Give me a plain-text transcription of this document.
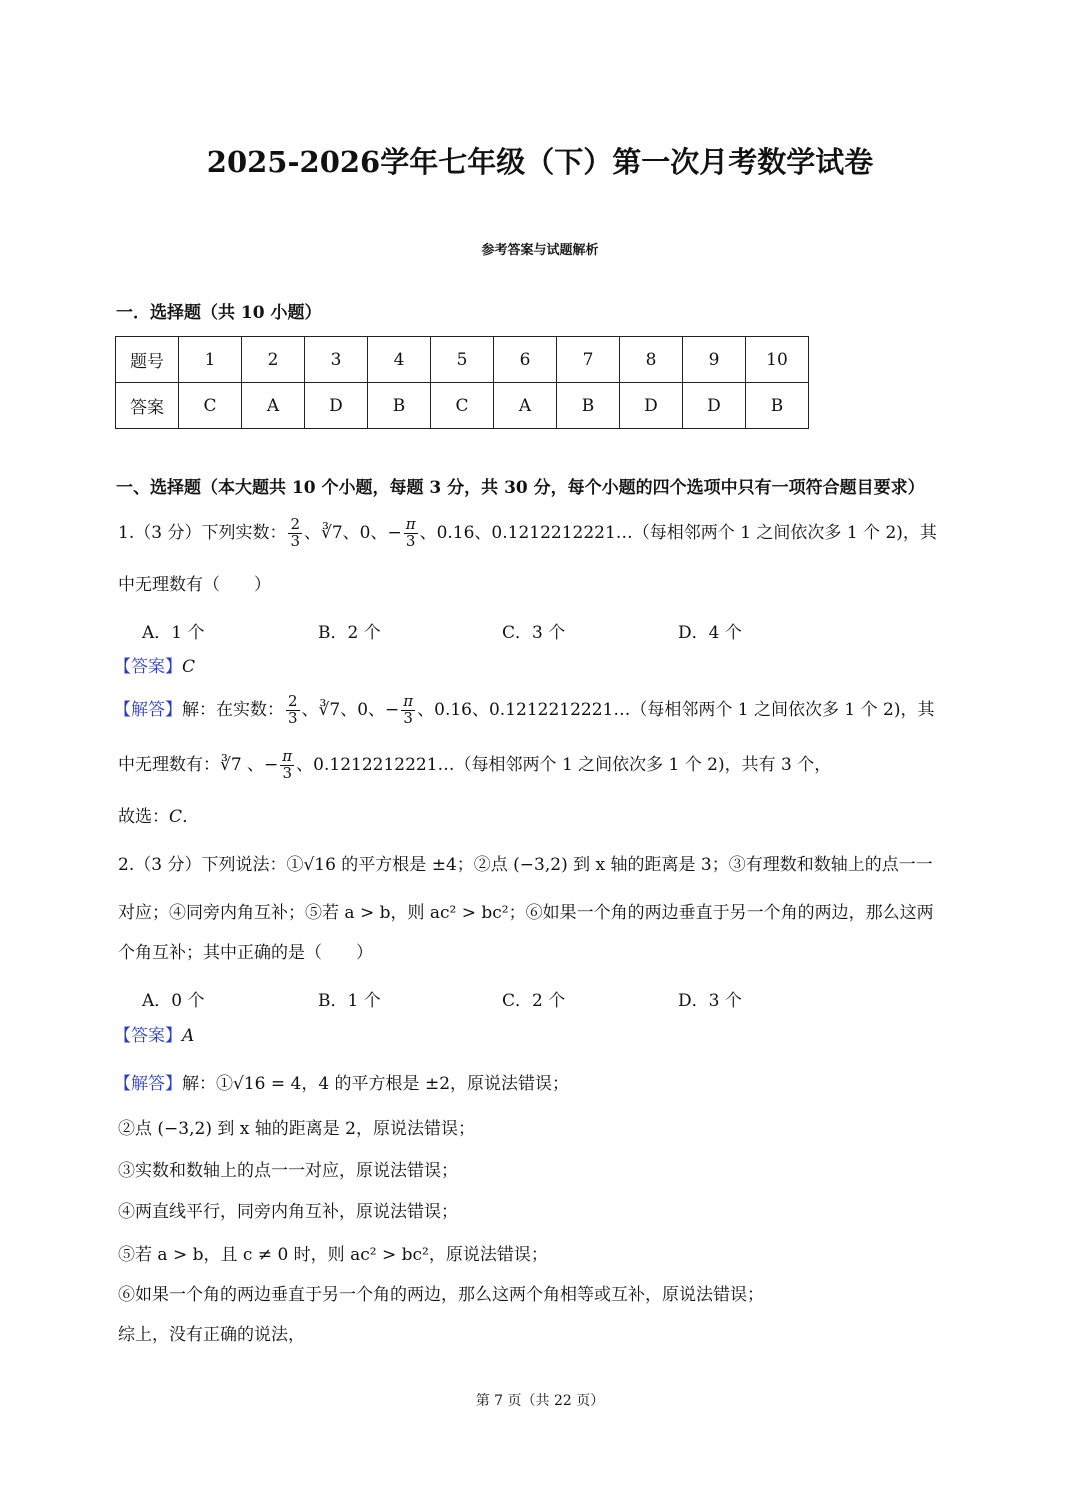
2025-2026学年七年级（下）第一次月考数学试卷
参考答案与试题解析
一．选择题（共 10 小题）
题号	1	2	3	4	5	6	7	8	9	10
答案	C	A	D	B	C	A	B	D	D	B
一、选择题（本大题共 10 个小题，每题 3 分，共 30 分，每个小题的四个选项中只有一项符合题目要求）
1.（3 分）下列实数： $\frac{2}{3}$ 、∛7、0、− $\frac{\pi}{3}$ 、0.16、0.1212212221…（每相邻两个 1 之间依次多 1 个 2)，其
中无理数有（　　）
A．1 个	B．2 个	C．3 个	D．4 个
【答案】C
【解答】解：在实数： $\frac{2}{3}$ 、∛7、0、− $\frac{\pi}{3}$ 、0.16、0.1212212221…（每相邻两个 1 之间依次多 1 个 2)，其
中无理数有：∛7 、− $\frac{\pi}{3}$ 、0.1212212221…（每相邻两个 1 之间依次多 1 个 2)，共有 3 个，
故选：C．
2.（3 分）下列说法：①√16 的平方根是 ±4；②点 (−3,2) 到 x 轴的距离是 3；③有理数和数轴上的点一一
对应；④同旁内角互补；⑤若 a > b，则 ac² > bc²；⑥如果一个角的两边垂直于另一个角的两边，那么这两
个角互补；其中正确的是（　　）
A．0 个	B．1 个	C．2 个	D．3 个
【答案】A
【解答】解：①√16 = 4，4 的平方根是 ±2，原说法错误；
②点 (−3,2) 到 x 轴的距离是 2，原说法错误；
③实数和数轴上的点一一对应，原说法错误；
④两直线平行，同旁内角互补，原说法错误；
⑤若 a > b，且 c ≠ 0 时，则 ac² > bc²，原说法错误；
⑥如果一个角的两边垂直于另一个角的两边，那么这两个角相等或互补，原说法错误；
综上，没有正确的说法，
第 7 页（共 22 页）
